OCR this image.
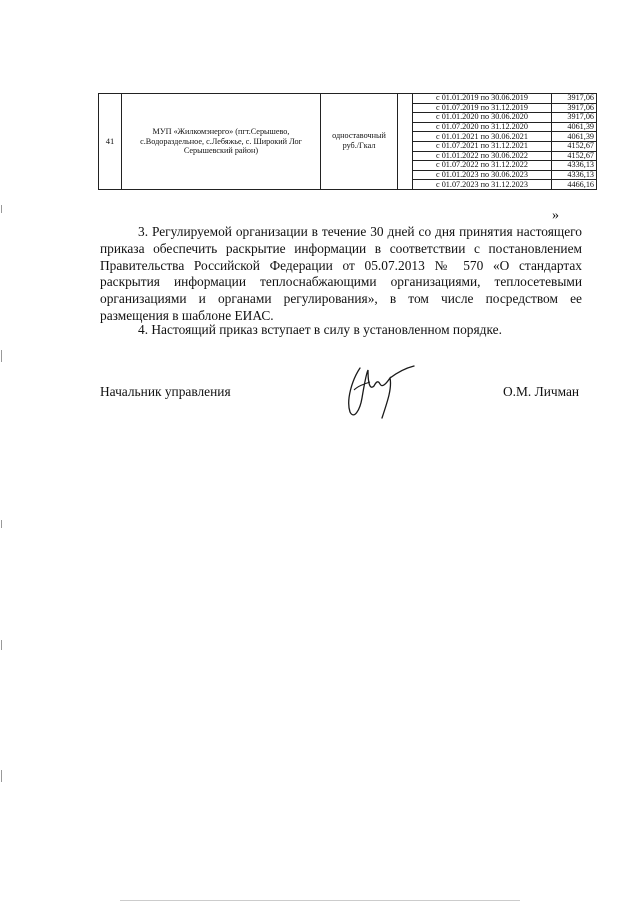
41	МУП «Жилкомэнерго» (пгт.Серышево, с.Водораздельное, с.Лебяжье, с. Широкий Лог Серышевский район)	одноставочный руб./Гкал		с 01.01.2019 по 30.06.2019	3917,06
				с 01.07.2019 по 31.12.2019	3917,06
				с 01.01.2020 по 30.06.2020	3917,06
				с 01.07.2020 по 31.12.2020	4061,39
				с 01.01.2021 по 30.06.2021	4061,39
				с 01.07.2021 по 31.12.2021	4152,67
				с 01.01.2022 по 30.06.2022	4152,67
				с 01.07.2022 по 31.12.2022	4336,13
				с 01.01.2023 по 30.06.2023	4336,13
				с 01.07.2023 по 31.12.2023	4466,16
»

3. Регулируемой организации в течение 30 дней со дня принятия настоящего приказа обеспечить раскрытие информации в соответствии с постановлением Правительства Российской Федерации от 05.07.2013 № 570 «О стандартах раскрытия информации теплоснабжающими организациями, теплосетевыми организациями и органами регулирования», в том числе посредством ее размещения в шаблоне ЕИАС.

4. Настоящий приказ вступает в силу в установленном порядке.

Начальник управления	О.М. Личман
